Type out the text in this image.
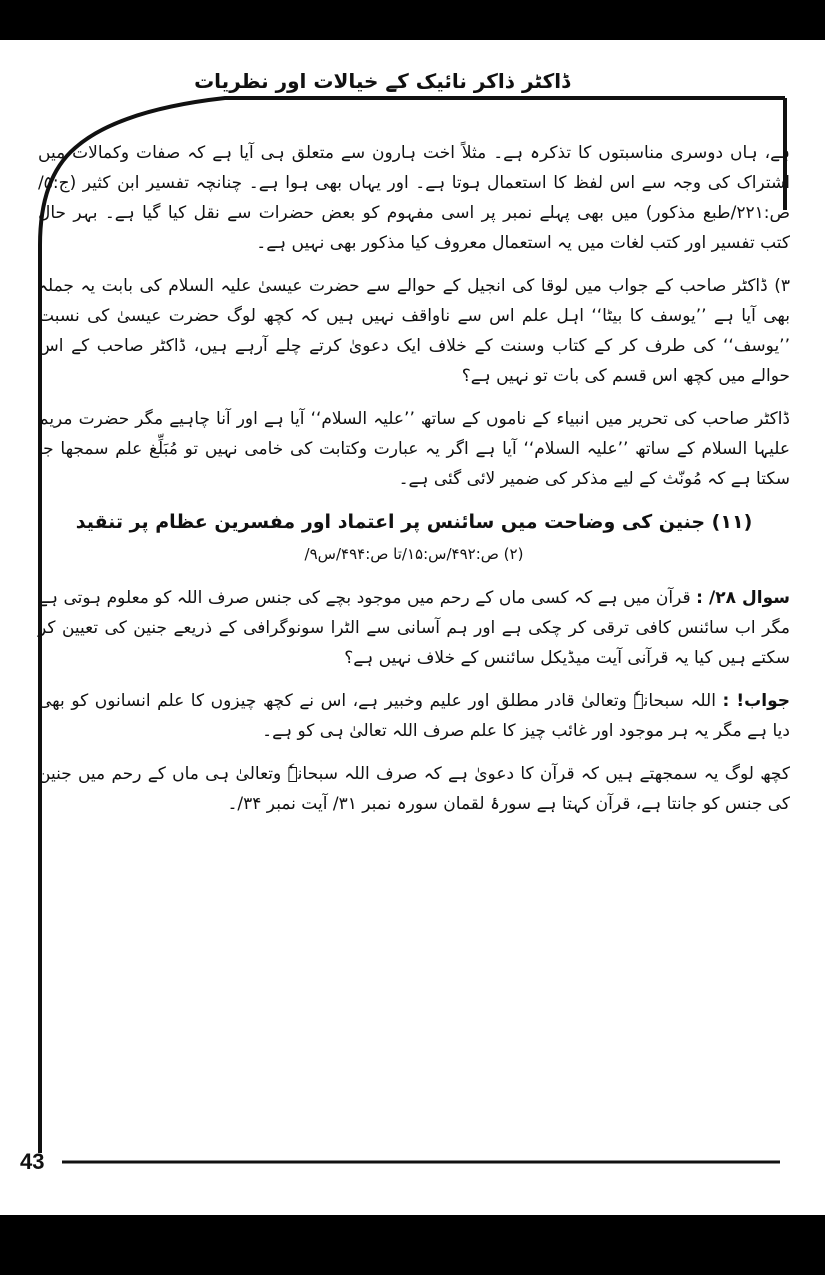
ڈاکٹر ذاکر نائیک کے خیالات اور نظریات

ہے، ہاں دوسری مناسبتوں کا تذکرہ ہے۔ مثلاً اخت ہارون سے متعلق ہی آیا ہے کہ صفات وکمالات میں اشتراک کی وجہ سے اس لفظ کا استعمال ہوتا ہے۔ اور یہاں بھی ہوا ہے۔ چنانچہ تفسیر ابن کثیر (ج:۵/ص:۲۲۱/طبع مذکور) میں بھی پہلے نمبر پر اسی مفہوم کو بعض حضرات سے نقل کیا گیا ہے۔ بہر حال کتب تفسیر اور کتب لغات میں یہ استعمال معروف کیا مذکور بھی نہیں ہے۔

۳) ڈاکٹر صاحب کے جواب میں لوقا کی انجیل کے حوالے سے حضرت عیسیٰ علیہ السلام کی بابت یہ جملہ بھی آیا ہے ’’یوسف کا بیٹا‘‘ اہل علم اس سے ناواقف نہیں ہیں کہ کچھ لوگ حضرت عیسیٰ کی نسبت ’’یوسف‘‘ کی طرف کر کے کتاب وسنت کے خلاف ایک دعویٰ کرتے چلے آرہے ہیں، ڈاکٹر صاحب کے اس حوالے میں کچھ اس قسم کی بات تو نہیں ہے؟

ڈاکٹر صاحب کی تحریر میں انبیاء کے ناموں کے ساتھ ’’علیہ السلام‘‘ آیا ہے اور آنا چاہیے مگر حضرت مریم علیہا السلام کے ساتھ ’’علیہ السلام‘‘ آیا ہے اگر یہ عبارت وکتابت کی خامی نہیں تو مُبَلِّغ علم سمجھا جا سکتا ہے کہ مُونّث کے لیے مذکر کی ضمیر لائی گئی ہے۔

(۱۱) جنین کی وضاحت میں سائنس پر اعتماد اور مفسرین عظام پر تنقید

(۲) ص:۴۹۲/س:۱۵/تا ص:۴۹۴/س۹/

سوال ۲۸/ : قرآن میں ہے کہ کسی ماں کے رحم میں موجود بچے کی جنس صرف اللہ کو معلوم ہوتی ہے مگر اب سائنس کافی ترقی کر چکی ہے اور ہم آسانی سے الٹرا سونوگرافی کے ذریعے جنین کی تعیین کر سکتے ہیں کیا یہ قرآنی آیت میڈیکل سائنس کے خلاف نہیں ہے؟

جواب! : اللہ سبحانہٗ وتعالیٰ قادر مطلق اور علیم وخبیر ہے، اس نے کچھ چیزوں کا علم انسانوں کو بھی دیا ہے مگر یہ ہر موجود اور غائب چیز کا علم صرف اللہ تعالیٰ ہی کو ہے۔

کچھ لوگ یہ سمجھتے ہیں کہ قرآن کا دعویٰ ہے کہ صرف اللہ سبحانہٗ وتعالیٰ ہی ماں کے رحم میں جنین کی جنس کو جانتا ہے، قرآن کہتا ہے سورۂ لقمان سورہ نمبر ۳۱/ آیت نمبر ۳۴/۔

43
